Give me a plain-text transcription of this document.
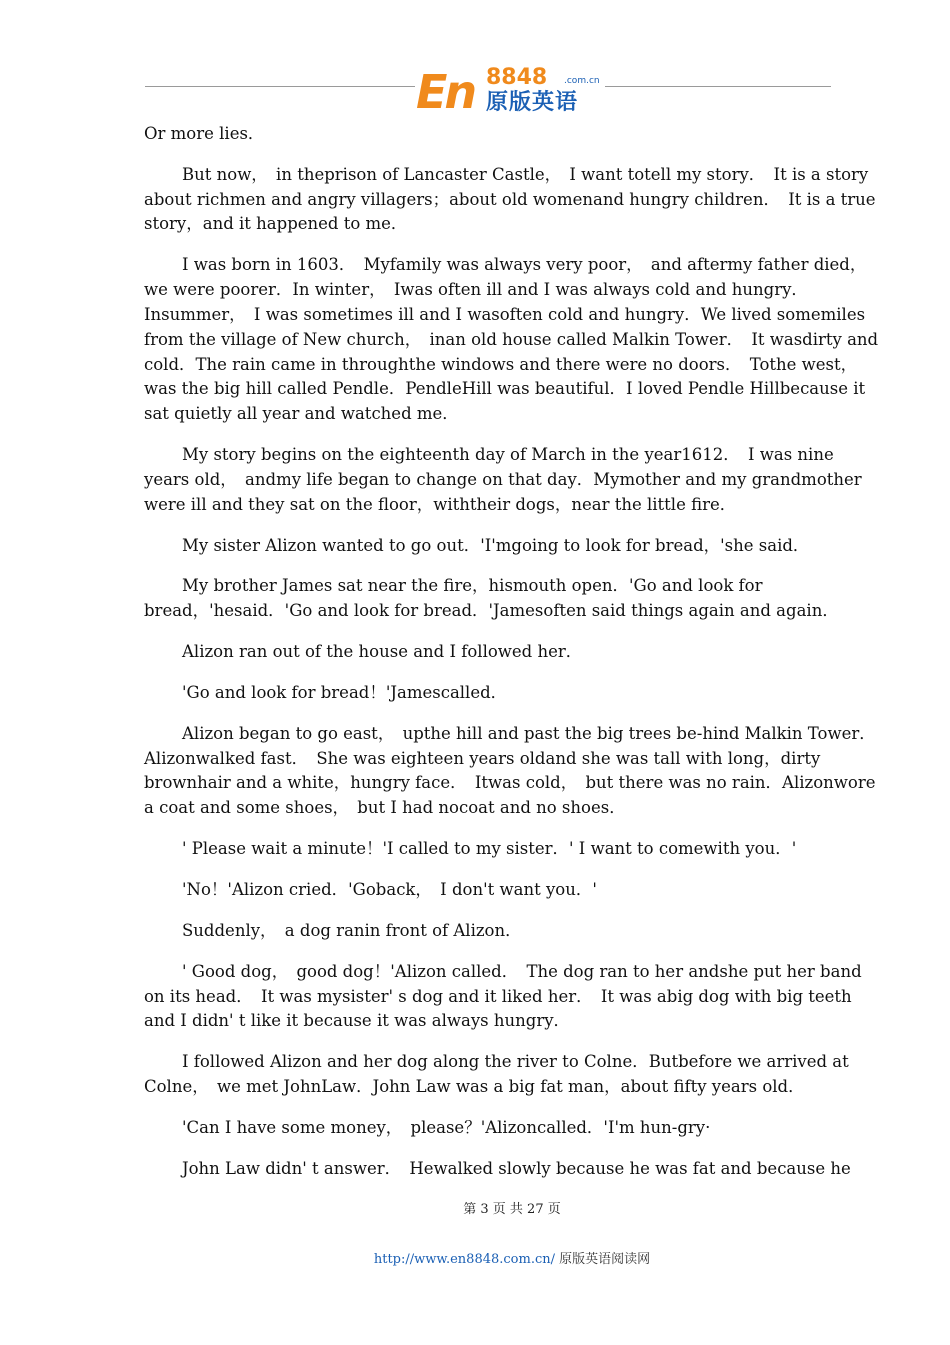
En 8848 .com.cn
原版英语

Or more lies．

But now，　in theprison of Lancaster Castle，　I want totell my story．　It is a story about richmen and angry villagers；about old womenand hungry children．　It is a true story，and it happened to me．

I was born in 1603．　Myfamily was always very poor，　and aftermy father died，we were poorer．In winter，　Iwas often ill and I was always cold and hungry．Insummer，　I was sometimes ill and I wasoften cold and hungry．We lived somemiles from the village of New church，　inan old house called Malkin Tower．　It wasdirty and cold．The rain came in throughthe windows and there were no doors．　Tothe west，was the big hill called Pendle．PendleHill was beautiful．I loved Pendle Hillbecause it sat quietly all year and watched me．

My story begins on the eighteenth day of March in the year1612．　I was nine years old，　andmy life began to change on that day．Mymother and my grandmother were ill and they sat on the floor，withtheir dogs，near the little fire．

My sister Alizon wanted to go out．'I'mgoing to look for bread，'she said．

My brother James sat near the fire，hismouth open．'Go and look for bread，'hesaid．'Go and look for bread．'Jamesoften said things again and again．

Alizon ran out of the house and I followed her．

'Go and look for bread！'Jamescalled．

Alizon began to go east，　upthe hill and past the big trees be-hind Malkin Tower．Alizonwalked fast．　She was eighteen years oldand she was tall with long，dirty brownhair and a white，hungry face．　Itwas cold，　but there was no rain．Alizonwore a coat and some shoes，　but I had nocoat and no shoes．

' Please wait a minute！'I called to my sister．' I want to comewith you．'

'No！'Alizon cried．'Goback，　I don't want you．'

Suddenly，　a dog ranin front of Alizon．

' Good dog，　good dog！'Alizon called．　The dog ran to her andshe put her band on its head．　It was mysister' s dog and it liked her．　It was abig dog with big teeth and I didn' t like it because it was always hungry．

I followed Alizon and her dog along the river to Colne．Butbefore we arrived at Colne，　we met JohnLaw．John Law was a big fat man，about fifty years old．

'Can I have some money，　please？'Alizoncalled．'I'm hun-gry·

John Law didn' t answer．　Hewalked slowly because he was fat and because he

第 3 页 共 27 页
http://www.en8848.com.cn/ 原版英语阅读网
